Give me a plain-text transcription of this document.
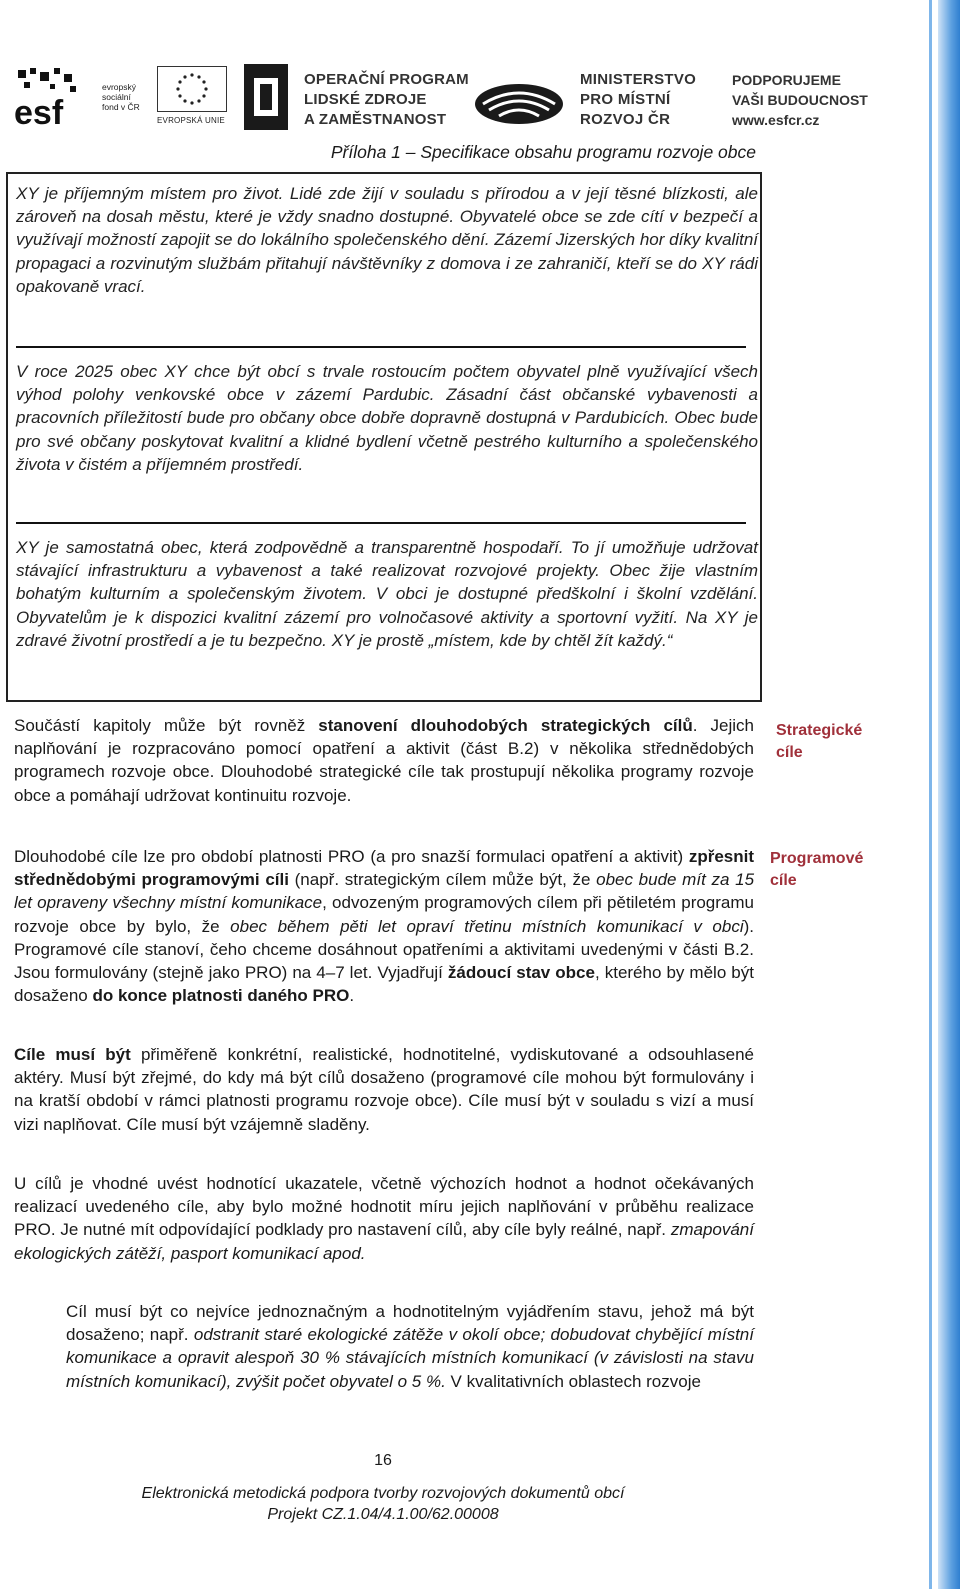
esf
evropský
sociální
fond v ČR
EVROPSKÁ UNIE
OPERAČNÍ PROGRAM
LIDSKÉ ZDROJE
A ZAMĚSTNANOST
MINISTERSTVO
PRO MÍSTNÍ
ROZVOJ ČR
PODPORUJEME
VAŠI BUDOUCNOST
www.esfcr.cz
Příloha 1 – Specifikace obsahu programu rozvoje obce

XY je příjemným místem pro život. Lidé zde žijí v souladu s přírodou a v její těsné blízkosti, ale zároveň na dosah městu, které je vždy snadno dostupné. Obyvatelé obce se zde cítí v bezpečí a využívají možností zapojit se do lokálního společenského dění. Zázemí Jizerských hor díky kvalitní propagaci a rozvinutým službám přitahují návštěvníky z domova i ze zahraničí, kteří se do XY rádi opakovaně vrací.

V roce 2025 obec XY chce být obcí s trvale rostoucím počtem obyvatel plně využívající všech výhod polohy venkovské obce v zázemí Pardubic. Zásadní část občanské vybavenosti a pracovních příležitostí bude pro občany obce dobře dopravně dostupná v Pardubicích. Obec bude pro své občany poskytovat kvalitní a klidné bydlení včetně pestrého kulturního a společenského života v čistém a příjemném prostředí.

XY je samostatná obec, která zodpovědně a transparentně hospodaří. To jí umožňuje udržovat stávající infrastrukturu a vybavenost a také realizovat rozvojové projekty. Obec žije vlastním bohatým kulturním a společenským životem. V obci je dostupné předškolní i školní vzdělání. Obyvatelům je k dispozici kvalitní zázemí pro volnočasové aktivity a sportovní vyžití. Na XY je zdravé životní prostředí a je tu bezpečno. XY je prostě „místem, kde by chtěl žít každý.“

Součástí kapitoly může být rovněž stanovení dlouhodobých strategických cílů. Jejich naplňování je rozpracováno pomocí opatření a aktivit (část B.2) v několika střednědobých programech rozvoje obce. Dlouhodobé strategické cíle tak prostupují několika programy rozvoje obce a pomáhají udržovat kontinuitu rozvoje.

Dlouhodobé cíle lze pro období platnosti PRO (a pro snazší formulaci opatření a aktivit) zpřesnit střednědobými programovými cíli (např. strategickým cílem může být, že obec bude mít za 15 let opraveny všechny místní komunikace, odvozeným programových cílem při pětiletém programu rozvoje obce by bylo, že obec během pěti let opraví třetinu místních komunikací v obci). Programové cíle stanoví, čeho chceme dosáhnout opatřeními a aktivitami uvedenými v části B.2. Jsou formulovány (stejně jako PRO) na 4–7 let. Vyjadřují žádoucí stav obce, kterého by mělo být dosaženo do konce platnosti daného PRO.

Cíle musí být přiměřeně konkrétní, realistické, hodnotitelné, vydiskutované a odsouhlasené aktéry. Musí být zřejmé, do kdy má být cílů dosaženo (programové cíle mohou být formulovány i na kratší období v rámci platnosti programu rozvoje obce). Cíle musí být v souladu s vizí a musí vizi naplňovat. Cíle musí být vzájemně sladěny.

U cílů je vhodné uvést hodnotící ukazatele, včetně výchozích hodnot a hodnot očekávaných realizací uvedeného cíle, aby bylo možné hodnotit míru jejich naplňování v průběhu realizace PRO. Je nutné mít odpovídající podklady pro nastavení cílů, aby cíle byly reálné, např. zmapování ekologických zátěží, pasport komunikací apod.

Cíl musí být co nejvíce jednoznačným a hodnotitelným vyjádřením stavu, jehož má být dosaženo; např. odstranit staré ekologické zátěže v okolí obce; dobudovat chybějící místní komunikace a opravit alespoň 30 % stávajících místních komunikací (v závislosti na stavu místních komunikací), zvýšit počet obyvatel o 5 %. V kvalitativních oblastech rozvoje

Strategické
cíle
Programové
cíle
16
Elektronická metodická podpora tvorby rozvojových dokumentů obcí
Projekt CZ.1.04/4.1.00/62.00008
